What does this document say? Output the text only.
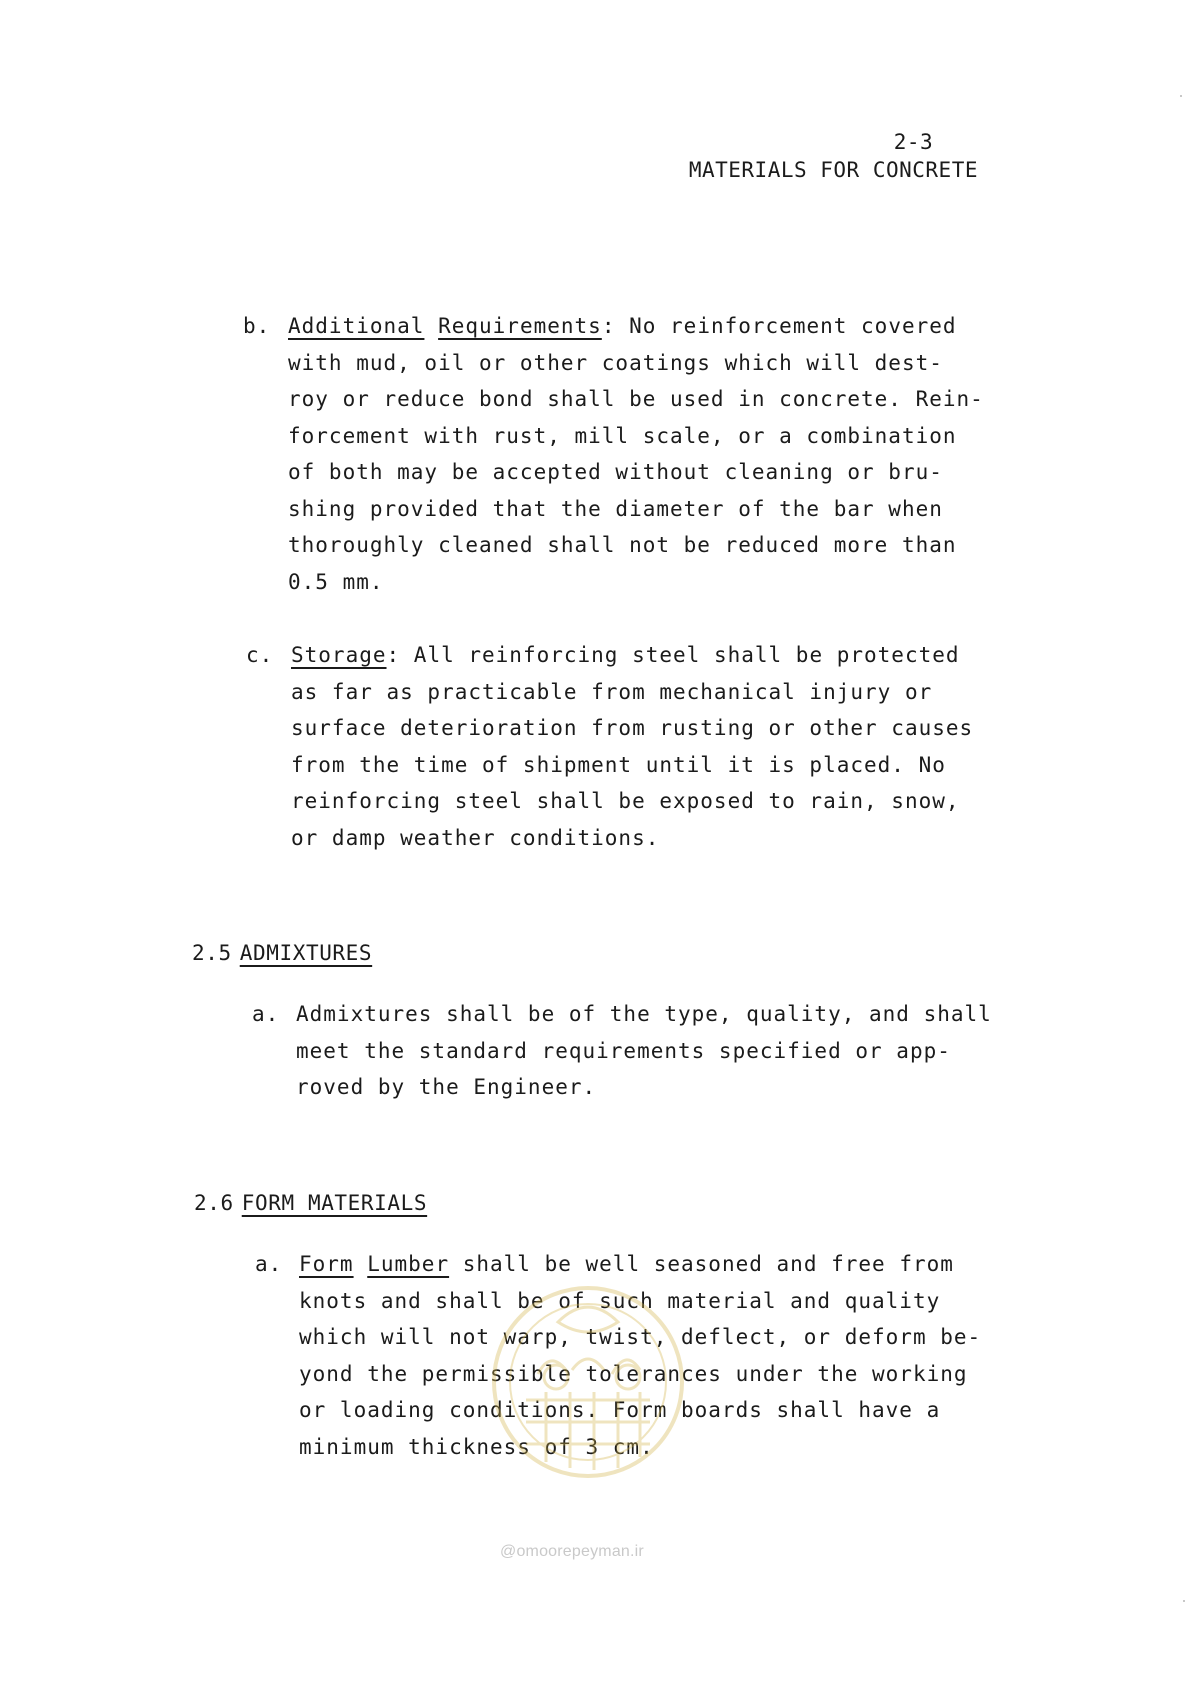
2-3
MATERIALS FOR CONCRETE
b. Additional Requirements: No reinforcement covered
with mud, oil or other coatings which will dest-
roy or reduce bond shall be used in concrete. Rein-
forcement with rust, mill scale, or a combination
of both may be accepted without cleaning or bru-
shing provided that the diameter of the bar when
thoroughly cleaned shall not be reduced more than
0.5 mm.
c. Storage: All reinforcing steel shall be protected
as far as practicable from mechanical injury or
surface deterioration from rusting or other causes
from the time of shipment until it is placed. No
reinforcing steel shall be exposed to rain, snow,
or damp weather conditions.
2.5 ADMIXTURES
a. Admixtures shall be of the type, quality, and shall
meet the standard requirements specified or app-
roved by the Engineer.
2.6 FORM MATERIALS
a. Form Lumber shall be well seasoned and free from
knots and shall be of such material and quality
which will not warp, twist, deflect, or deform be-
yond the permissible tolerances under the working
or loading conditions. Form boards shall have a
minimum thickness of 3 cm.
@omoorepeyman.ir
